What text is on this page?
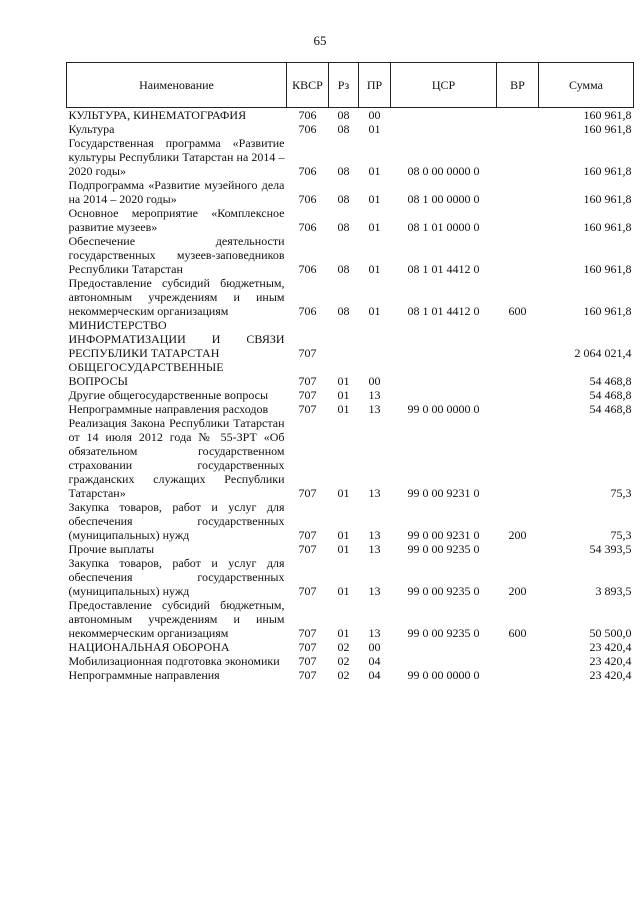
65
Наименование	КВСР	Рз	ПР	ЦСР	ВР	Сумма
КУЛЬТУРА, КИНЕМАТОГРАФИЯ	706	08	00			160 961,8
Культура	706	08	01			160 961,8
Государственная программа «Развитие культуры Республики Татарстан на 2014 – 2020 годы»	706	08	01	08 0 00 0000 0		160 961,8
Подпрограмма «Развитие музейного дела на 2014 – 2020 годы»	706	08	01	08 1 00 0000 0		160 961,8
Основное мероприятие «Комплексное развитие музеев»	706	08	01	08 1 01 0000 0		160 961,8
Обеспечение деятельности государственных музеев-заповедников Республики Татарстан	706	08	01	08 1 01 4412 0		160 961,8
Предоставление субсидий бюджетным, автономным учреждениям и иным некоммерческим организациям	706	08	01	08 1 01 4412 0	600	160 961,8
МИНИСТЕРСТВО ИНФОРМАТИЗАЦИИ И СВЯЗИ РЕСПУБЛИКИ ТАТАРСТАН	707					2 064 021,4
ОБЩЕГОСУДАРСТВЕННЫЕ ВОПРОСЫ	707	01	00			54 468,8
Другие общегосударственные вопросы	707	01	13			54 468,8
Непрограммные направления расходов	707	01	13	99 0 00 0000 0		54 468,8
Реализация Закона Республики Татарстан от 14 июля 2012 года № 55-ЗРТ «Об обязательном государственном страховании государственных гражданских служащих Республики Татарстан»	707	01	13	99 0 00 9231 0		75,3
Закупка товаров, работ и услуг для обеспечения государственных (муниципальных) нужд	707	01	13	99 0 00 9231 0	200	75,3
Прочие выплаты	707	01	13	99 0 00 9235 0		54 393,5
Закупка товаров, работ и услуг для обеспечения государственных (муниципальных) нужд	707	01	13	99 0 00 9235 0	200	3 893,5
Предоставление субсидий бюджетным, автономным учреждениям и иным некоммерческим организациям	707	01	13	99 0 00 9235 0	600	50 500,0
НАЦИОНАЛЬНАЯ ОБОРОНА	707	02	00			23 420,4
Мобилизационная подготовка экономики	707	02	04			23 420,4
Непрограммные направления	707	02	04	99 0 00 0000 0		23 420,4
